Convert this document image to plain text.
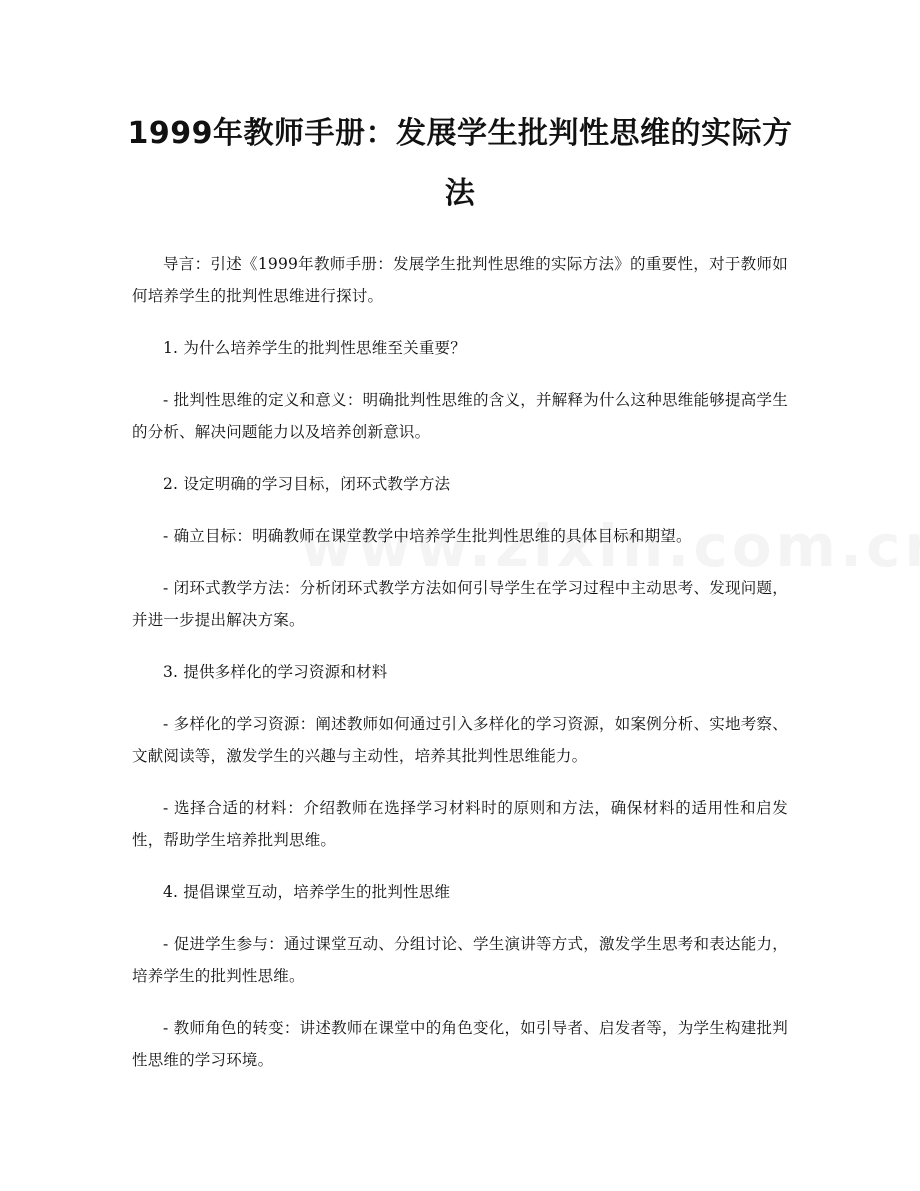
1999年教师手册：发展学生批判性思维的实际方法

导言：引述《1999年教师手册：发展学生批判性思维的实际方法》的重要性，对于教师如何培养学生的批判性思维进行探讨。

1. 为什么培养学生的批判性思维至关重要？

- 批判性思维的定义和意义：明确批判性思维的含义，并解释为什么这种思维能够提高学生的分析、解决问题能力以及培养创新意识。

2. 设定明确的学习目标，闭环式教学方法

- 确立目标：明确教师在课堂教学中培养学生批判性思维的具体目标和期望。

- 闭环式教学方法：分析闭环式教学方法如何引导学生在学习过程中主动思考、发现问题，并进一步提出解决方案。

3. 提供多样化的学习资源和材料

- 多样化的学习资源：阐述教师如何通过引入多样化的学习资源，如案例分析、实地考察、文献阅读等，激发学生的兴趣与主动性，培养其批判性思维能力。

- 选择合适的材料：介绍教师在选择学习材料时的原则和方法，确保材料的适用性和启发性，帮助学生培养批判思维。

4. 提倡课堂互动，培养学生的批判性思维

- 促进学生参与：通过课堂互动、分组讨论、学生演讲等方式，激发学生思考和表达能力，培养学生的批判性思维。

- 教师角色的转变：讲述教师在课堂中的角色变化，如引导者、启发者等，为学生构建批判性思维的学习环境。
